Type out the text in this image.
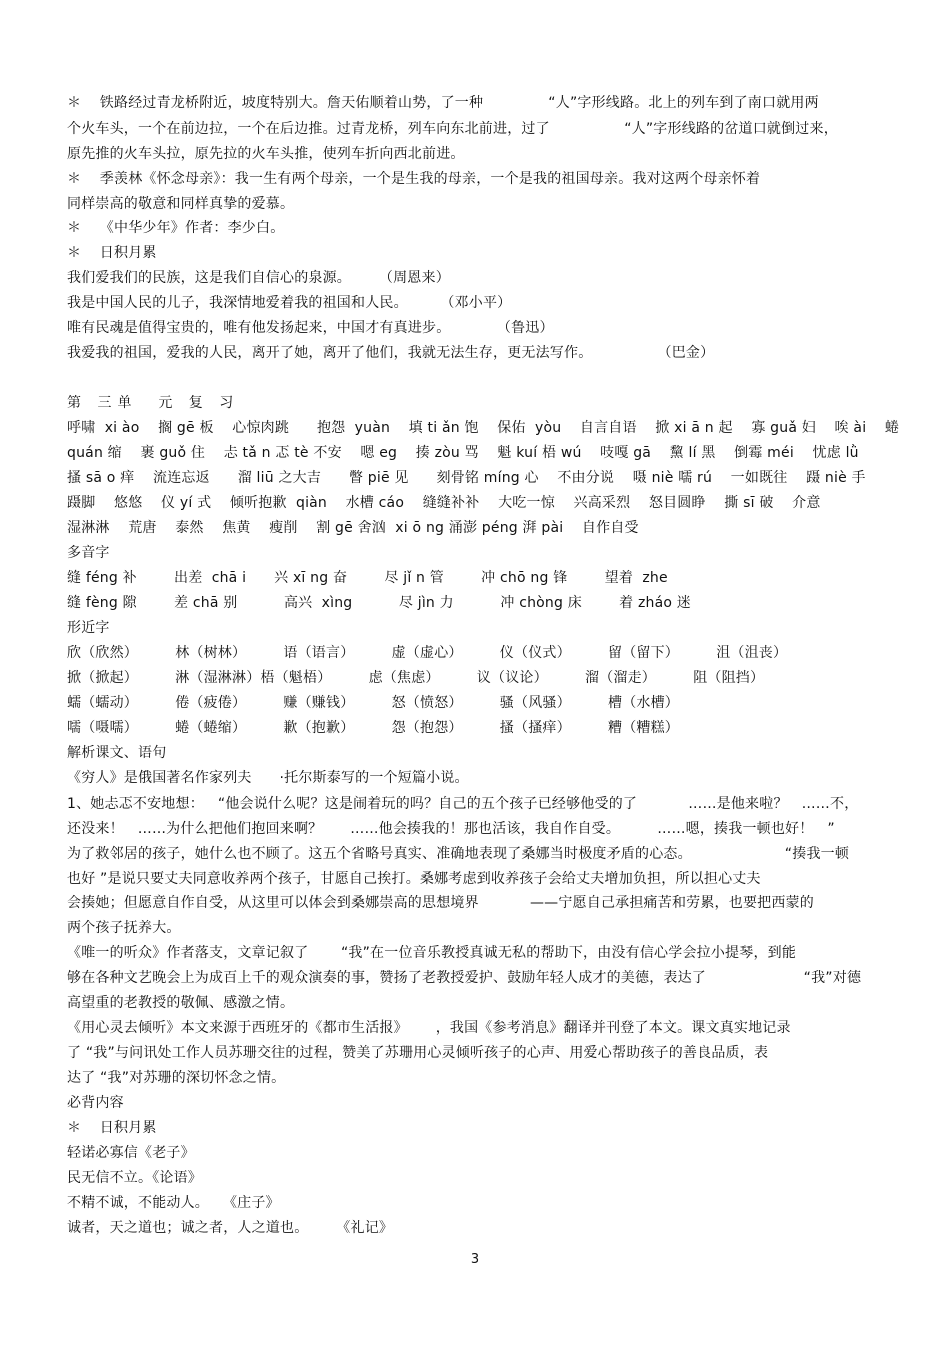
＊    铁路经过青龙桥附近，坡度特别大。詹天佑顺着山势，了一种              “人”字形线路。北上的列车到了南口就用两
个火车头，一个在前边拉，一个在后边推。过青龙桥，列车向东北前进，过了                “人”字形线路的岔道口就倒过来，
原先推的火车头拉，原先拉的火车头推，使列车折向西北前进。
＊    季羡林《怀念母亲》：我一生有两个母亲，一个是生我的母亲，一个是我的祖国母亲。我对这两个母亲怀着
同样崇高的敬意和同样真挚的爱慕。
＊    《中华少年》作者：李少白。
＊    日积月累
我们爱我们的民族，这是我们自信心的泉源。      （周恩来）
我是中国人民的儿子，我深情地爱着我的祖国和人民。       （邓小平）
唯有民魂是值得宝贵的，唯有他发扬起来，中国才有真进步。          （鲁迅）
我爱我的祖国，爱我的人民，离开了她，离开了他们，我就无法生存，更无法写作。              （巴金）
第 三单  元 复 习
呼啸  xi ào    搁 gē 板    心惊肉跳      抱怨  yuàn    填 ti ǎn 饱    保佑  yòu    自言自语    掀 xi ā n 起    寡 guǎ 妇    唉 ài    蜷
quán 缩    裹 guǒ 住    忐 tǎ n 忑 tè 不安    嗯 eg    揍 zòu 骂    魁 kuí 梧 wú    吱嘎 gā    黧 lí 黑    倒霉 méi    忧虑 lǜ
搔 sā o 痒    流连忘返      溜 liū 之大吉      瞥 piē 见      刻骨铭 míng 心    不由分说    嗫 niè 嚅 rú    一如既往    蹑 niè 手
蹑脚    悠悠    仪 yí 式    倾听抱歉  qiàn    水槽 cáo    缝缝补补    大吃一惊    兴高采烈    怒目圆睁    撕 sī 破    介意
湿淋淋    荒唐    泰然    焦黄    瘦削    割 gē 舍汹  xi ō ng 涌澎 péng 湃 pài    自作自受
多音字
缝 féng 补        出差  chā i      兴 xī ng 奋        尽 jǐ n 管        冲 chō ng 锋        望着  zhe
缝 fèng 隙        差 chā 别          高兴  xìng          尽 jìn 力          冲 chòng 床        着 zháo 迷
形近字
欣（欣然）        林（树林）        语（语言）        虚（虚心）        仪（仪式）        留（留下）        沮（沮丧）
掀（掀起）        淋（湿淋淋）梧（魁梧）        虑（焦虑）        议（议论）        溜（溜走）        阻（阻挡）
蠕（蠕动）        倦（疲倦）        赚（赚钱）        怒（愤怒）        骚（风骚）        槽（水槽）
嚅（嗫嚅）        蜷（蜷缩）        歉（抱歉）        怨（抱怨）        搔（搔痒）        糟（糟糕）
解析课文、语句
《穷人》是俄国著名作家列夫      ·托尔斯泰写的一个短篇小说。
1、她忐忑不安地想：   “他会说什么呢？这是闹着玩的吗？自己的五个孩子已经够他受的了           ……是他来啦？   ……不，
还没来！   ……为什么把他们抱回来啊？      ……他会揍我的！那也活该，我自作自受。        ……嗯，揍我一顿也好！   ”
为了救邻居的孩子，她什么也不顾了。这五个省略号真实、准确地表现了桑娜当时极度矛盾的心态。                    “揍我一顿
也好 ”是说只要丈夫同意收养两个孩子，甘愿自己挨打。桑娜考虑到收养孩子会给丈夫增加负担，所以担心丈夫
会揍她；但愿意自作自受，从这里可以体会到桑娜崇高的思想境界           ——宁愿自己承担痛苦和劳累，也要把西蒙的
两个孩子抚养大。
《唯一的听众》作者落支，文章记叙了       “我”在一位音乐教授真诚无私的帮助下，由没有信心学会拉小提琴，到能
够在各种文艺晚会上为成百上千的观众演奏的事，赞扬了老教授爱护、鼓励年轻人成才的美德，表达了                     “我”对德
高望重的老教授的敬佩、感激之情。
《用心灵去倾听》本文来源于西班牙的《都市生活报》      ，我国《参考消息》翻译并刊登了本文。课文真实地记录
了 “我”与问讯处工作人员苏珊交往的过程，赞美了苏珊用心灵倾听孩子的心声、用爱心帮助孩子的善良品质，表
达了 “我”对苏珊的深切怀念之情。
必背内容
＊    日积月累
轻诺必寡信《老子》
民无信不立。《论语》
不精不诚，不能动人。   《庄子》
诚者，天之道也；诚之者，人之道也。      《礼记》
3
